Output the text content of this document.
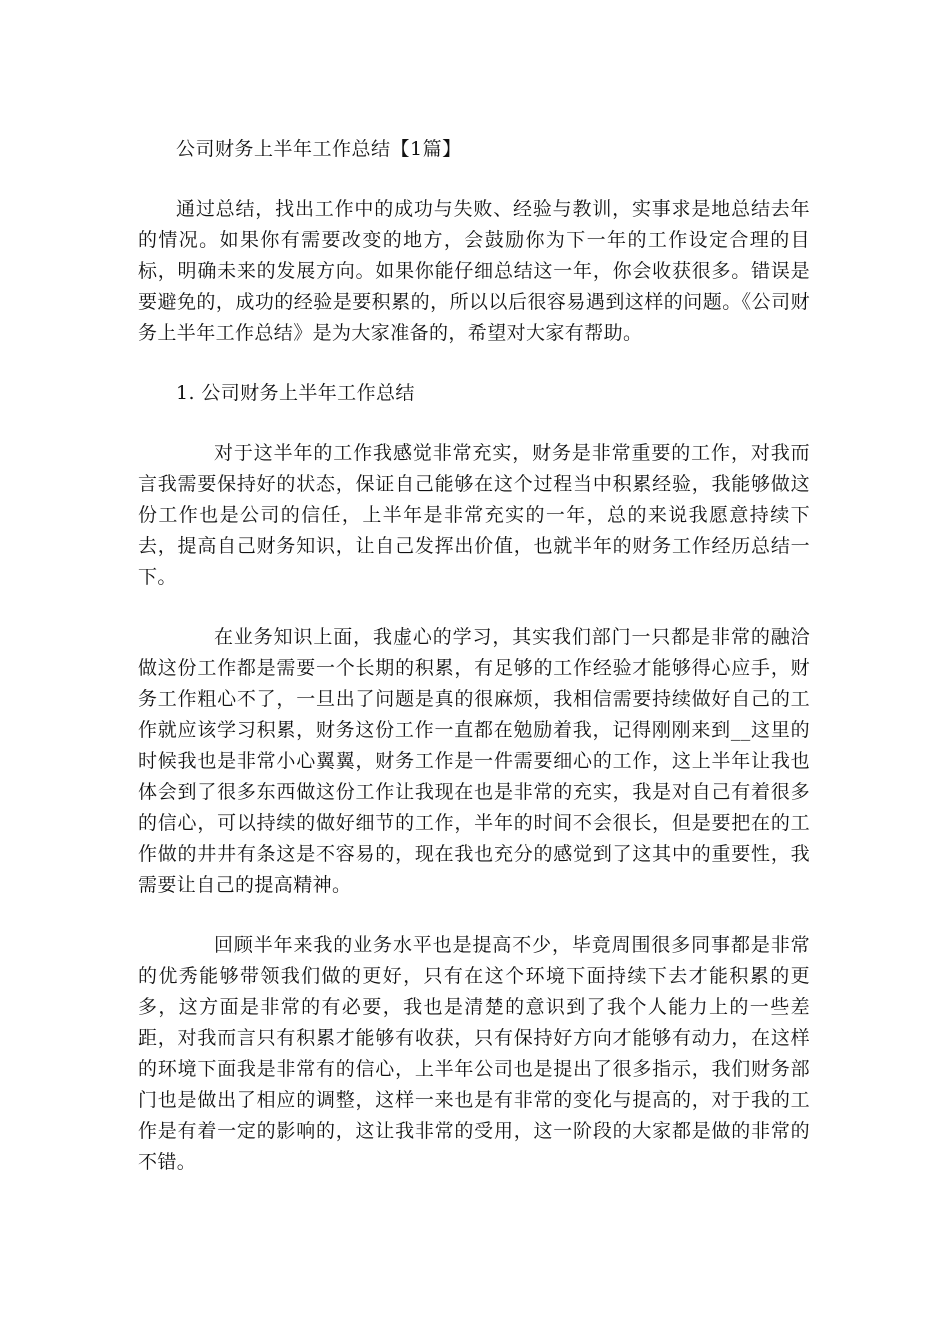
公司财务上半年工作总结【1篇】

通过总结，找出工作中的成功与失败、经验与教训，实事求是地总结去年的情况。如果你有需要改变的地方，会鼓励你为下一年的工作设定合理的目标，明确未来的发展方向。如果你能仔细总结这一年，你会收获很多。错误是要避免的，成功的经验是要积累的，所以以后很容易遇到这样的问题。《公司财务上半年工作总结》是为大家准备的，希望对大家有帮助。

1. 公司财务上半年工作总结

对于这半年的工作我感觉非常充实，财务是非常重要的工作，对我而言我需要保持好的状态，保证自己能够在这个过程当中积累经验，我能够做这份工作也是公司的信任，上半年是非常充实的一年，总的来说我愿意持续下去，提高自己财务知识，让自己发挥出价值，也就半年的财务工作经历总结一下。

在业务知识上面，我虚心的学习，其实我们部门一只都是非常的融洽做这份工作都是需要一个长期的积累，有足够的工作经验才能够得心应手，财务工作粗心不了，一旦出了问题是真的很麻烦，我相信需要持续做好自己的工作就应该学习积累，财务这份工作一直都在勉励着我，记得刚刚来到__这里的时候我也是非常小心翼翼，财务工作是一件需要细心的工作，这上半年让我也体会到了很多东西做这份工作让我现在也是非常的充实，我是对自己有着很多的信心，可以持续的做好细节的工作，半年的时间不会很长，但是要把在的工作做的井井有条这是不容易的，现在我也充分的感觉到了这其中的重要性，我需要让自己的提高精神。

回顾半年来我的业务水平也是提高不少，毕竟周围很多同事都是非常的优秀能够带领我们做的更好，只有在这个环境下面持续下去才能积累的更多，这方面是非常的有必要，我也是清楚的意识到了我个人能力上的一些差距，对我而言只有积累才能够有收获，只有保持好方向才能够有动力，在这样的环境下面我是非常有的信心，上半年公司也是提出了很多指示，我们财务部门也是做出了相应的调整，这样一来也是有非常的变化与提高的，对于我的工作是有着一定的影响的，这让我非常的受用，这一阶段的大家都是做的非常的不错。
